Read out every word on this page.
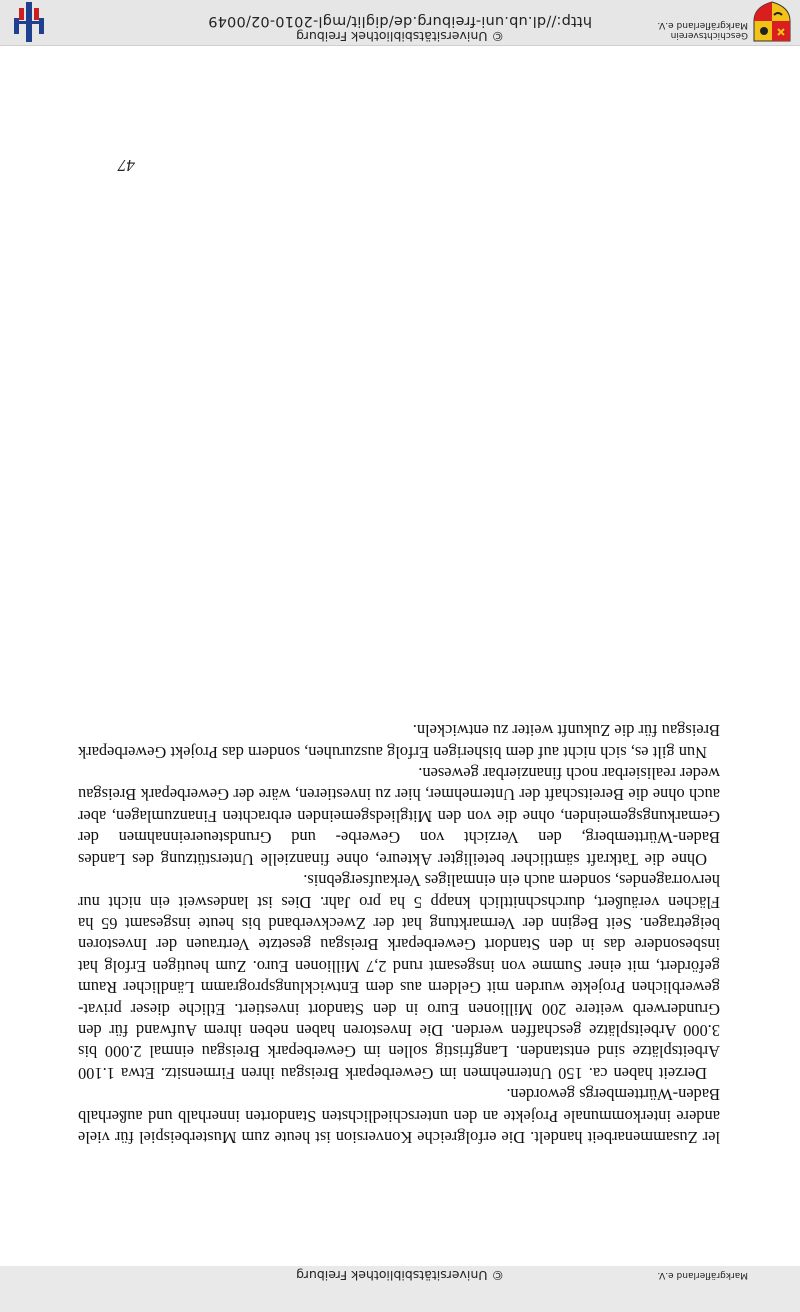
© Universitätsbibliothek Freiburg	Markgräflerland e.V.

ler Zusammenarbeit handelt. Die erfolgreiche Konversion ist heute zum Musterbeispiel für viele andere interkommunale Projekte an den unterschiedlichsten Standorten innerhalb und außerhalb Baden-Württembergs geworden.

Derzeit haben ca. 150 Unternehmen im Gewerbepark Breisgau ihren Firmensitz. Etwa 1.100 Arbeitsplätze sind entstanden. Langfristig sollen im Gewerbepark Breisgau einmal 2.000 bis 3.000 Arbeitsplätze geschaffen werden. Die Investoren haben neben ihrem Aufwand für den Grunderwerb weitere 200 Millionen Euro in den Standort investiert. Etliche dieser privat-gewerblichen Projekte wurden mit Geldern aus dem Entwicklungsprogramm Ländlicher Raum gefördert, mit einer Summe von insgesamt rund 2,7 Millionen Euro. Zum heutigen Erfolg hat insbesondere das in den Standort Gewerbepark Breisgau gesetzte Vertrauen der Investoren beigetragen. Seit Beginn der Vermarktung hat der Zweckverband bis heute insgesamt 65 ha Flächen veräußert, durchschnittlich knapp 5 ha pro Jahr. Dies ist landesweit ein nicht nur hervorragendes, sondern auch ein einmaliges Verkaufsergebnis.

Ohne die Tatkraft sämtlicher beteiligter Akteure, ohne finanzielle Unterstützung des Landes Baden-Württemberg, den Verzicht von Gewerbe- und Grundsteuereinnahmen der Gemarkungsgemeinden, ohne die von den Mitgliedsgemeinden erbrachten Finanzumlagen, aber auch ohne die Bereitschaft der Unternehmer, hier zu investieren, wäre der Gewerbepark Breisgau weder realisierbar noch finanzierbar gewesen.

Nun gilt es, sich nicht auf dem bisherigen Erfolg auszuruhen, sondern das Projekt Gewerbepark Breisgau für die Zukunft weiter zu entwickeln.

47
Geschichtsverein
Markgräflerland e.V.
© Universitätsbibliothek Freiburg
http://dl.ub.uni-freiburg.de/diglit/mgl-2010-02/0049
